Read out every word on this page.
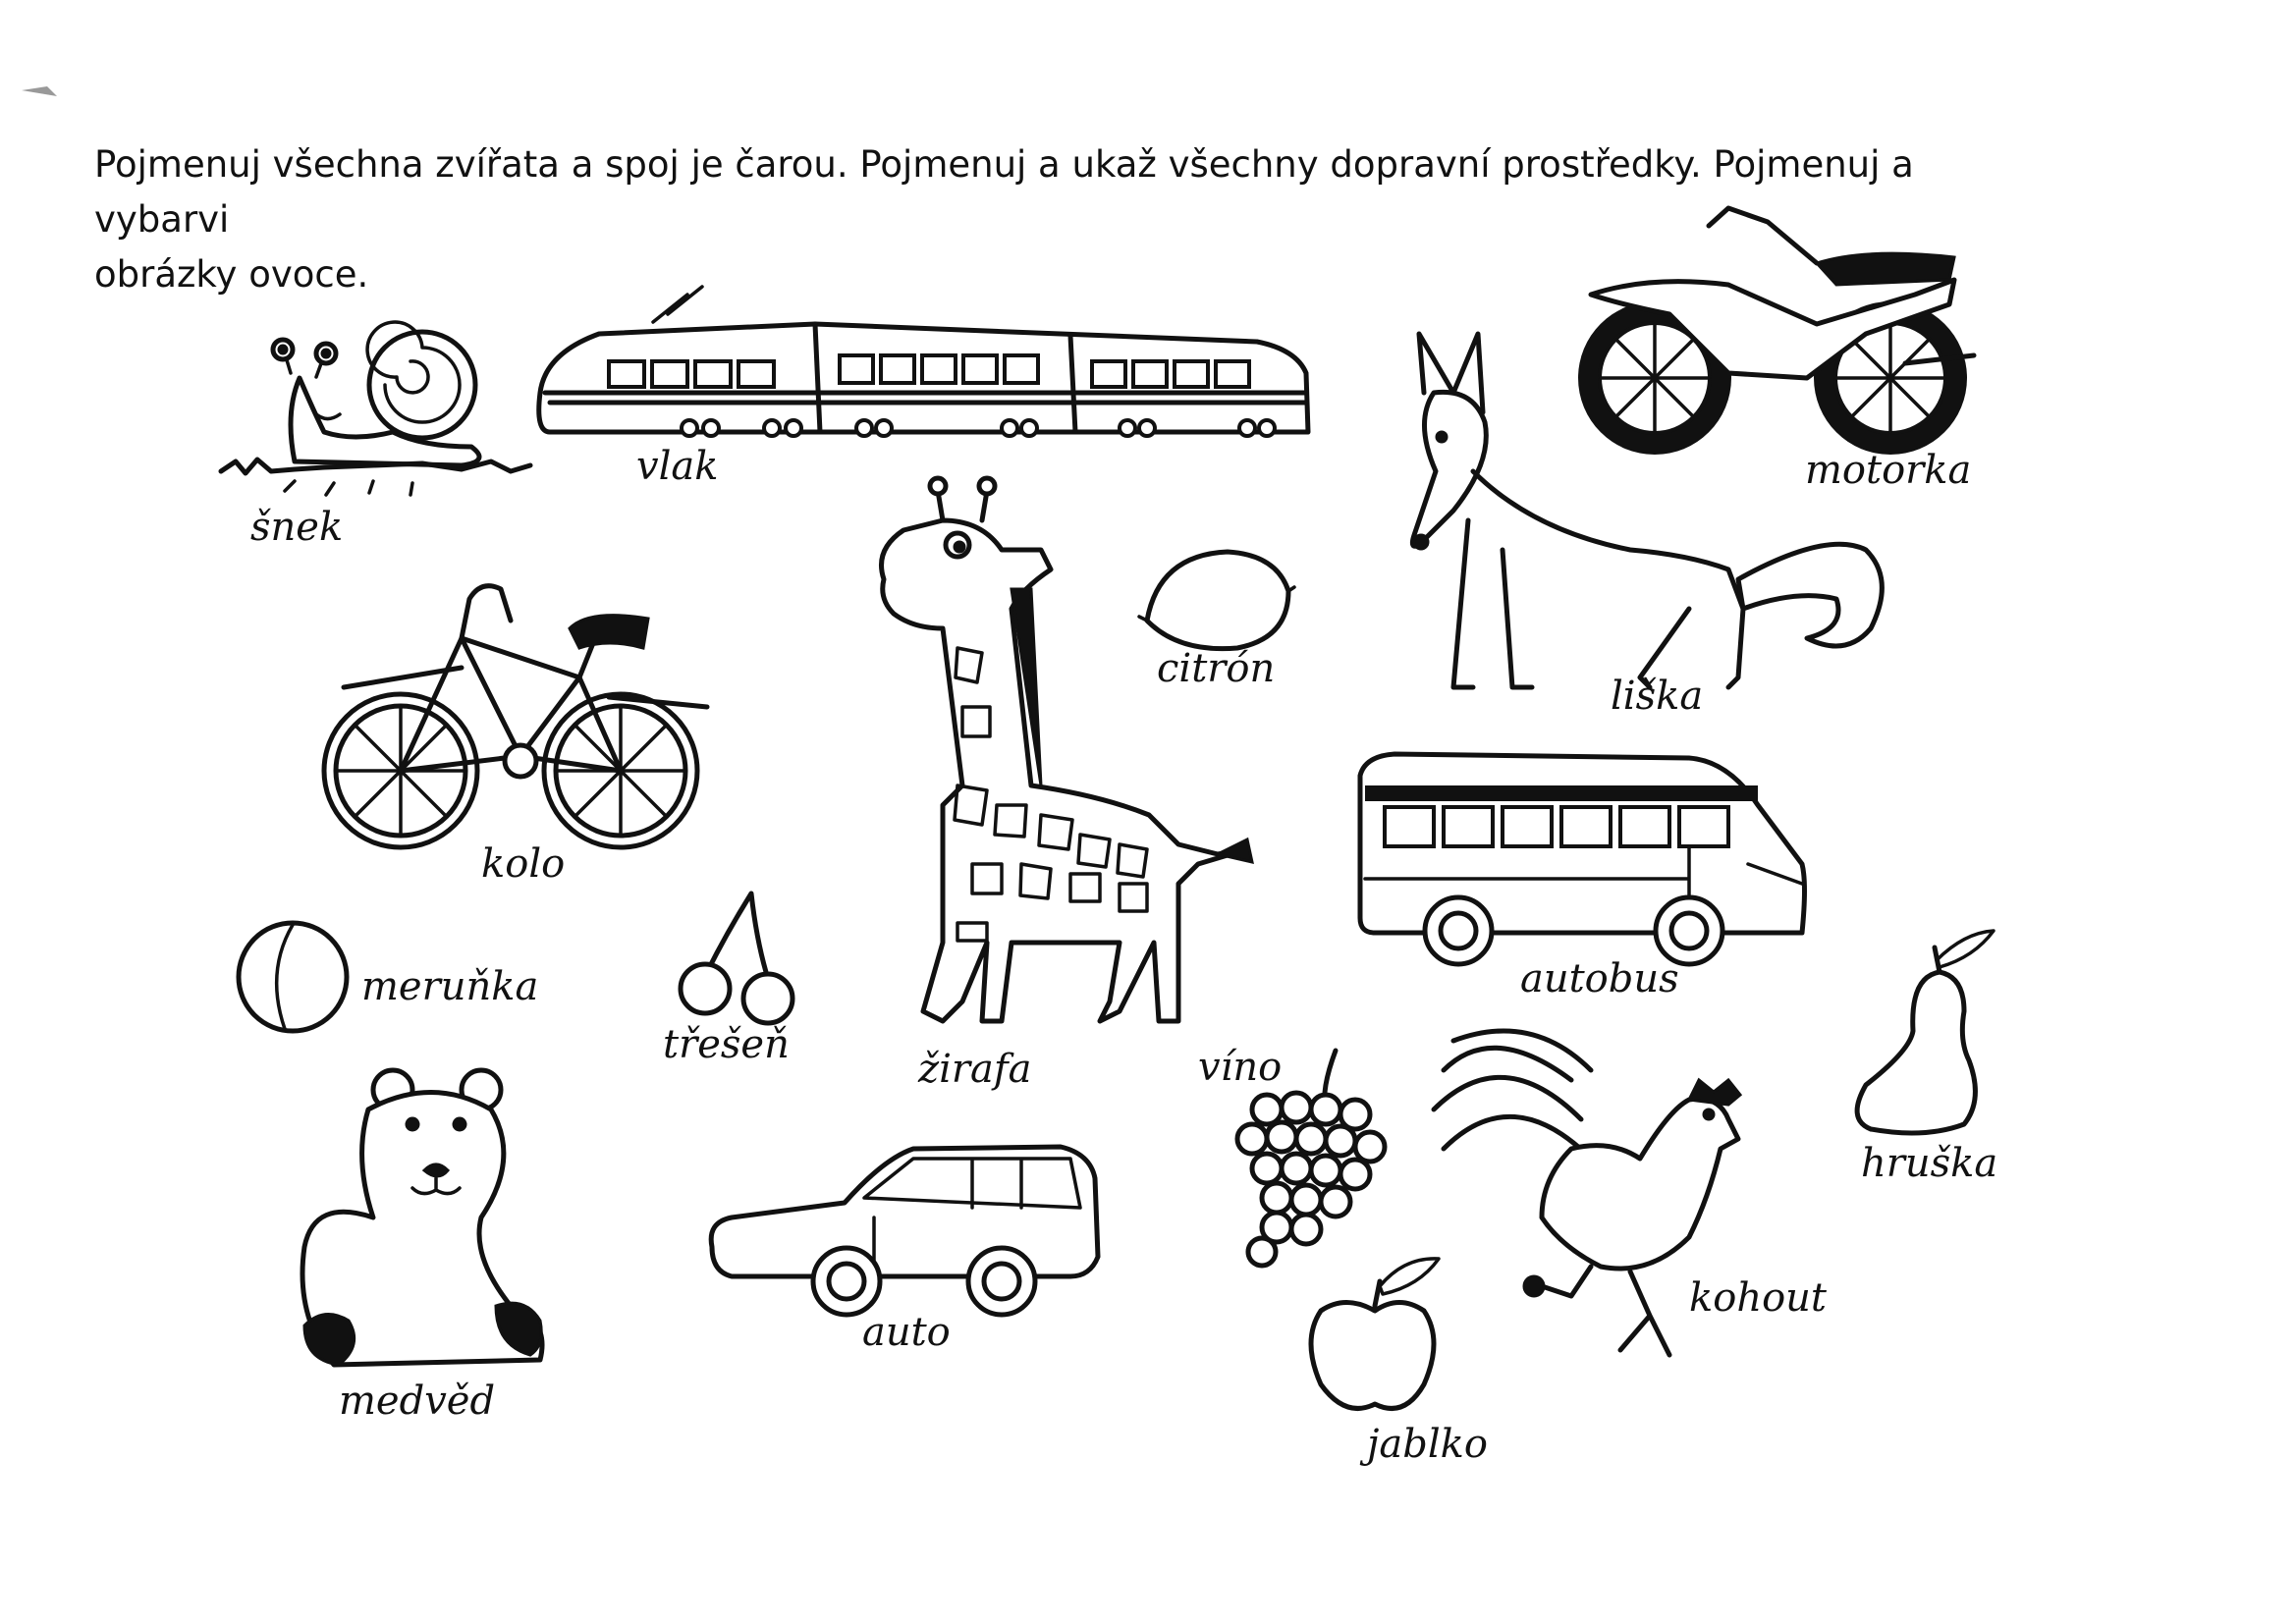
Pojmenuj všechna zvířata a spoj je čarou. Pojmenuj a ukaž všechny dopravní prostředky. Pojmenuj a vybarvi
obrázky ovoce.
šnek
vlak	motorka
liška
citrón
kolo
žirafa
autobus
meruňka
třešeň	víno
kohout
hruška
medvěd
auto
jablko
